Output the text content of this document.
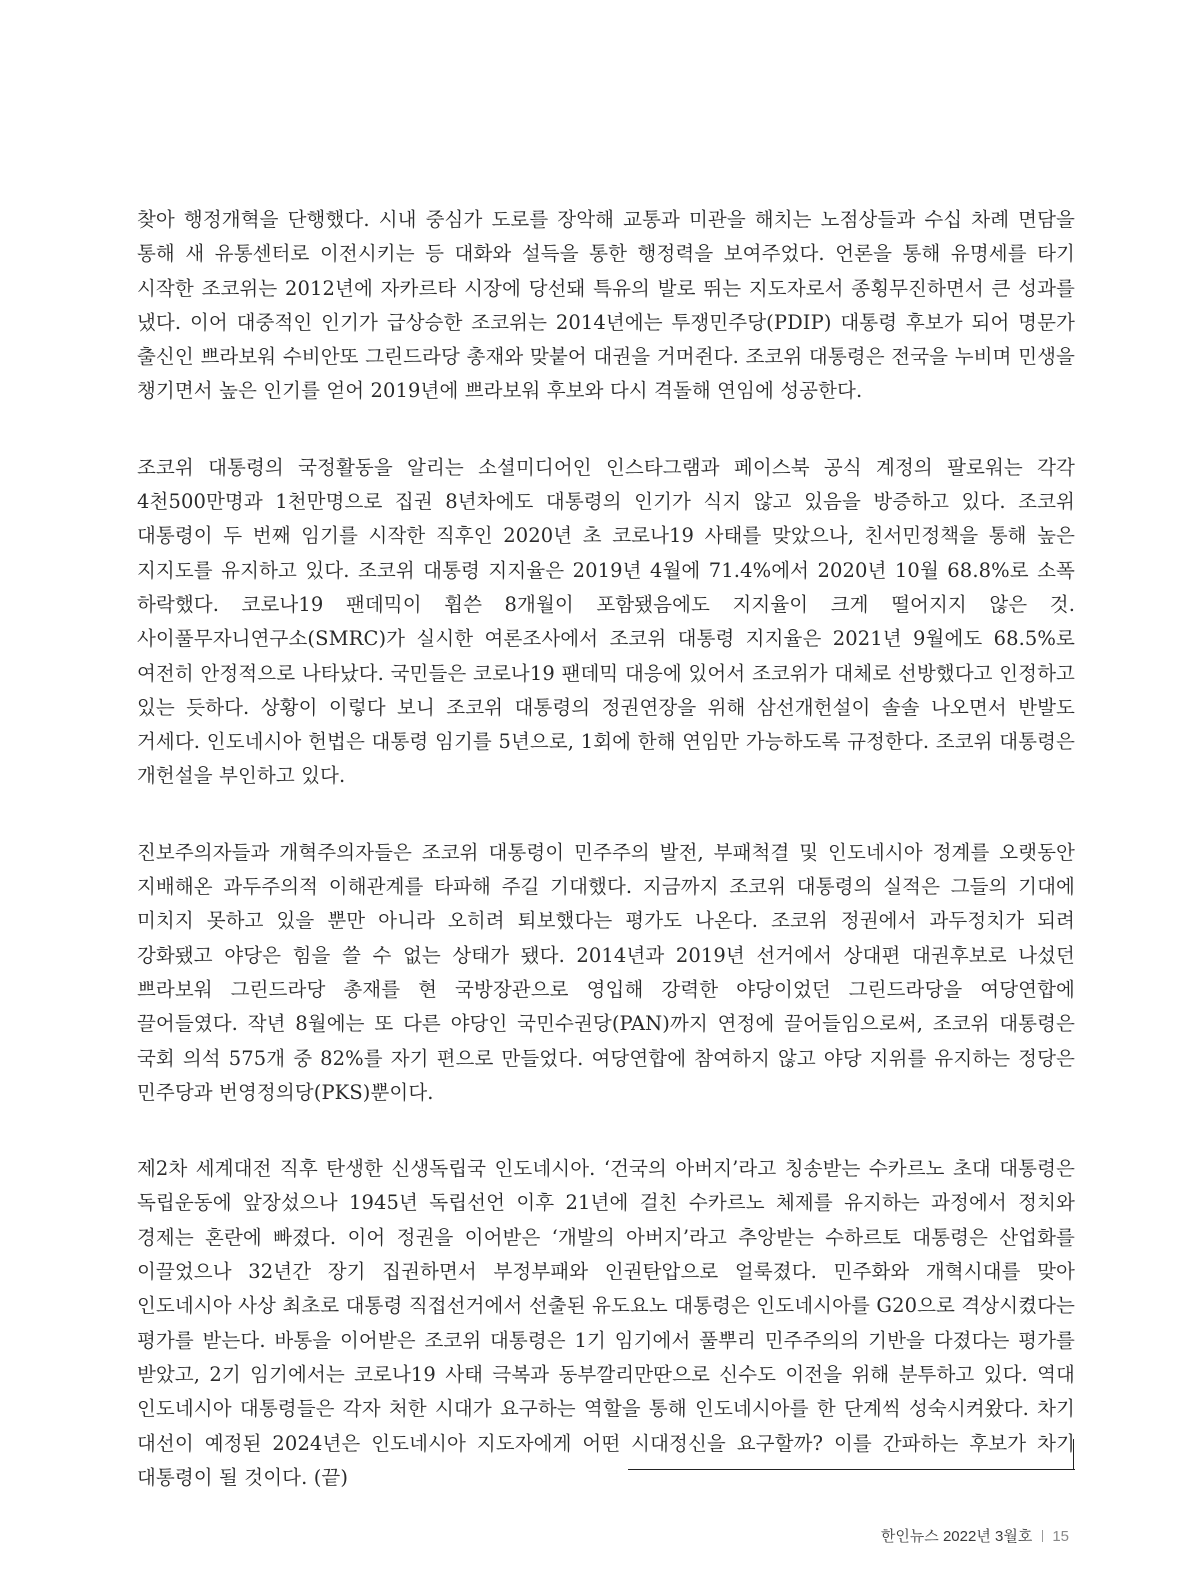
찾아 행정개혁을 단행했다. 시내 중심가 도로를 장악해 교통과 미관을 해치는 노점상들과 수십 차례 면담을 통해 새 유통센터로 이전시키는 등 대화와 설득을 통한 행정력을 보여주었다. 언론을 통해 유명세를 타기 시작한 조코위는 2012년에 자카르타 시장에 당선돼 특유의 발로 뛰는 지도자로서 종횡무진하면서 큰 성과를 냈다. 이어 대중적인 인기가 급상승한 조코위는 2014년에는 투쟁민주당(PDIP) 대통령 후보가 되어 명문가 출신인 쁘라보워 수비안또 그린드라당 총재와 맞붙어 대권을 거머쥔다. 조코위 대통령은 전국을 누비며 민생을 챙기면서 높은 인기를 얻어 2019년에 쁘라보워 후보와 다시 격돌해 연임에 성공한다.

조코위 대통령의 국정활동을 알리는 소셜미디어인 인스타그램과 페이스북 공식 계정의 팔로워는 각각 4천500만명과 1천만명으로 집권 8년차에도 대통령의 인기가 식지 않고 있음을 방증하고 있다. 조코위 대통령이 두 번째 임기를 시작한 직후인 2020년 초 코로나19 사태를 맞았으나, 친서민정책을 통해 높은 지지도를 유지하고 있다. 조코위 대통령 지지율은 2019년 4월에 71.4%에서 2020년 10월 68.8%로 소폭 하락했다. 코로나19 팬데믹이 휩쓴 8개월이 포함됐음에도 지지율이 크게 떨어지지 않은 것. 사이풀무자니연구소(SMRC)가 실시한 여론조사에서 조코위 대통령 지지율은 2021년 9월에도 68.5%로 여전히 안정적으로 나타났다. 국민들은 코로나19 팬데믹 대응에 있어서 조코위가 대체로 선방했다고 인정하고 있는 듯하다. 상황이 이렇다 보니 조코위 대통령의 정권연장을 위해 삼선개헌설이 솔솔 나오면서 반발도 거세다. 인도네시아 헌법은 대통령 임기를 5년으로, 1회에 한해 연임만 가능하도록 규정한다. 조코위 대통령은 개헌설을 부인하고 있다.

진보주의자들과 개혁주의자들은 조코위 대통령이 민주주의 발전, 부패척결 및 인도네시아 정계를 오랫동안 지배해온 과두주의적 이해관계를 타파해 주길 기대했다. 지금까지 조코위 대통령의 실적은 그들의 기대에 미치지 못하고 있을 뿐만 아니라 오히려 퇴보했다는 평가도 나온다. 조코위 정권에서 과두정치가 되려 강화됐고 야당은 힘을 쓸 수 없는 상태가 됐다. 2014년과 2019년 선거에서 상대편 대권후보로 나섰던 쁘라보워 그린드라당 총재를 현 국방장관으로 영입해 강력한 야당이었던 그린드라당을 여당연합에 끌어들였다. 작년 8월에는 또 다른 야당인 국민수권당(PAN)까지 연정에 끌어들임으로써, 조코위 대통령은 국회 의석 575개 중 82%를 자기 편으로 만들었다. 여당연합에 참여하지 않고 야당 지위를 유지하는 정당은 민주당과 번영정의당(PKS)뿐이다.

제2차 세계대전 직후 탄생한 신생독립국 인도네시아. ‘건국의 아버지’라고 칭송받는 수카르노 초대 대통령은 독립운동에 앞장섰으나 1945년 독립선언 이후 21년에 걸친 수카르노 체제를 유지하는 과정에서 정치와 경제는 혼란에 빠졌다. 이어 정권을 이어받은 ‘개발의 아버지’라고 추앙받는 수하르토 대통령은 산업화를 이끌었으나 32년간 장기 집권하면서 부정부패와 인권탄압으로 얼룩졌다. 민주화와 개혁시대를 맞아 인도네시아 사상 최초로 대통령 직접선거에서 선출된 유도요노 대통령은 인도네시아를 G20으로 격상시켰다는 평가를 받는다. 바통을 이어받은 조코위 대통령은 1기 임기에서 풀뿌리 민주주의의 기반을 다졌다는 평가를 받았고, 2기 임기에서는 코로나19 사태 극복과 동부깔리만딴으로 신수도 이전을 위해 분투하고 있다. 역대 인도네시아 대통령들은 각자 처한 시대가 요구하는 역할을 통해 인도네시아를 한 단계씩 성숙시켜왔다. 차기 대선이 예정된 2024년은 인도네시아 지도자에게 어떤 시대정신을 요구할까? 이를 간파하는 후보가 차기 대통령이 될 것이다. (끝)

한인뉴스 2022년 3월호 15
